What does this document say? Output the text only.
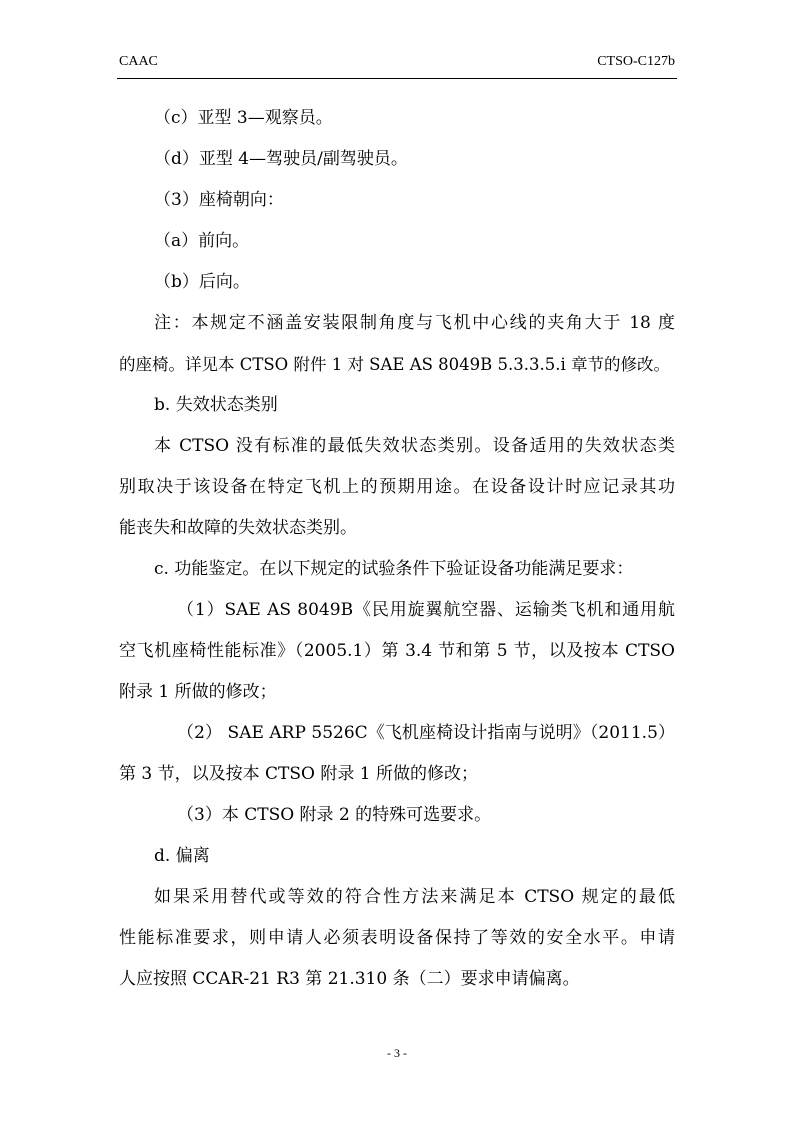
CAAC	CTSO-C127b
（c）亚型 3—观察员。
（d）亚型 4—驾驶员/副驾驶员。
（3）座椅朝向：
（a）前向。
（b）后向。
注：本规定不涵盖安装限制角度与飞机中心线的夹角大于 18 度
的座椅。详见本 CTSO 附件 1 对 SAE AS 8049B 5.3.3.5.i 章节的修改。
b. 失效状态类别
本 CTSO 没有标准的最低失效状态类别。设备适用的失效状态类
别取决于该设备在特定飞机上的预期用途。在设备设计时应记录其功
能丧失和故障的失效状态类别。
c. 功能鉴定。在以下规定的试验条件下验证设备功能满足要求：
（1）SAE AS 8049B《民用旋翼航空器、运输类飞机和通用航
空飞机座椅性能标准》（2005.1）第 3.4 节和第 5 节，以及按本 CTSO
附录 1 所做的修改；
（2） SAE ARP 5526C《飞机座椅设计指南与说明》（2011.5）
第 3 节，以及按本 CTSO 附录 1 所做的修改；
（3）本 CTSO 附录 2 的特殊可选要求。
d. 偏离
如果采用替代或等效的符合性方法来满足本 CTSO 规定的最低
性能标准要求，则申请人必须表明设备保持了等效的安全水平。申请
人应按照 CCAR-21 R3 第 21.310 条（二）要求申请偏离。
- 3 -
